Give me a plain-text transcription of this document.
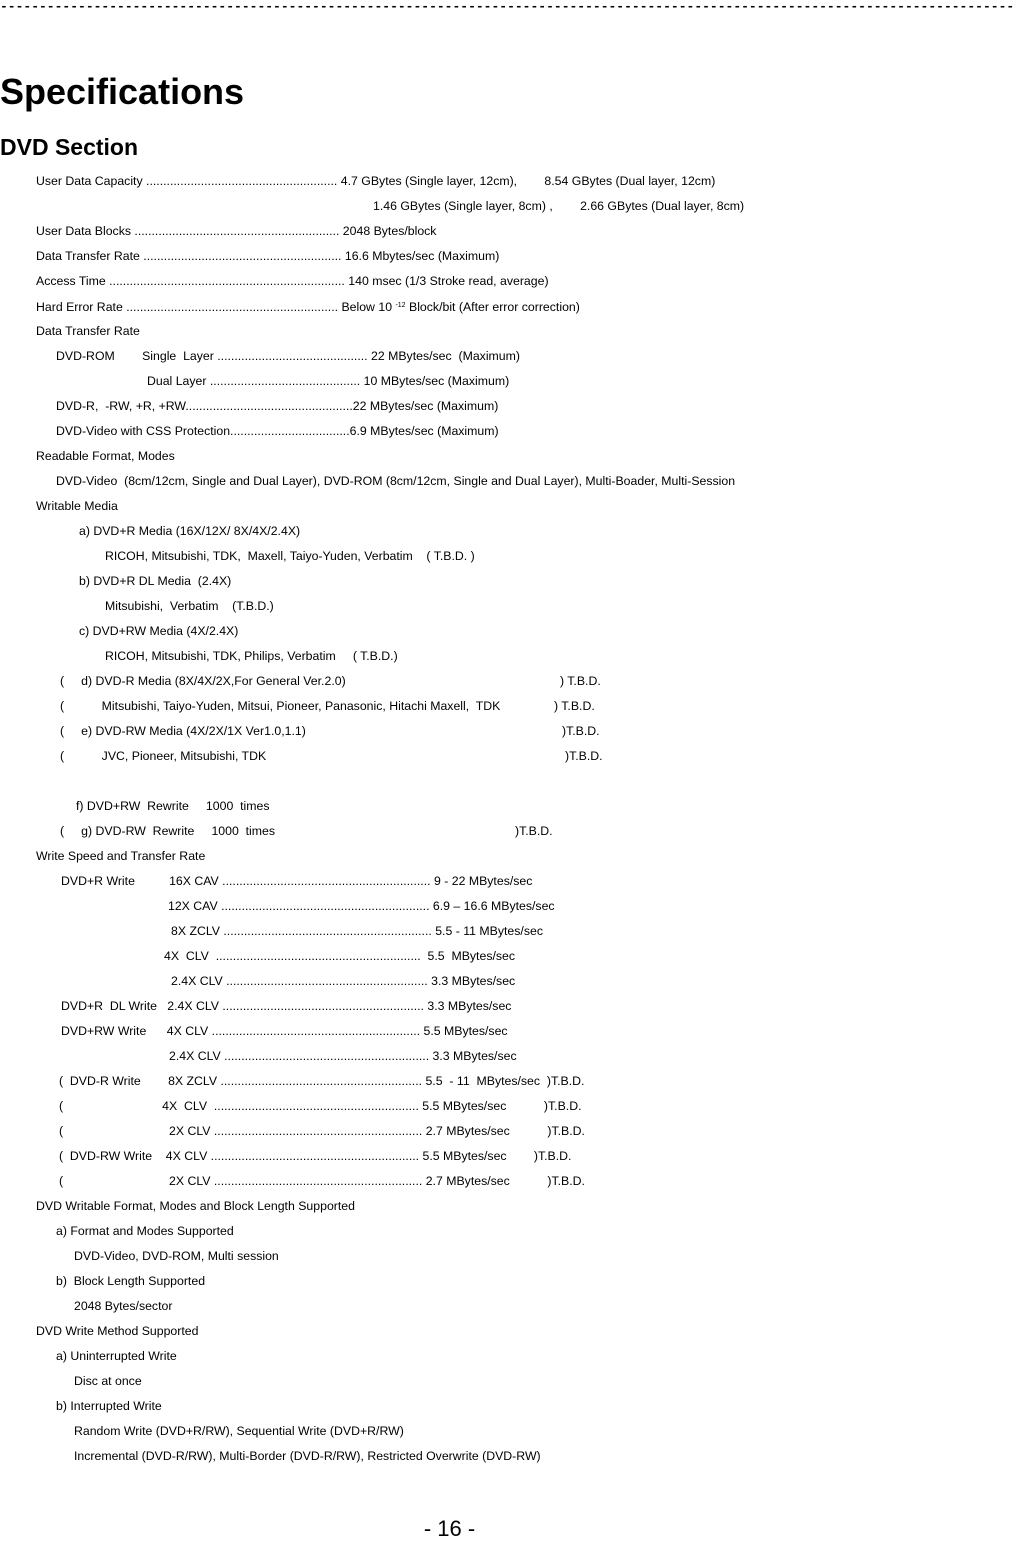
----------------------------------------------------------------------------------------------------------------------------------
Specifications
DVD Section
User Data Capacity ........................................................ 4.7 GBytes (Single layer, 12cm),        8.54 GBytes (Dual layer, 12cm)
1.46 GBytes (Single layer, 8cm) ,        2.66 GBytes (Dual layer, 8cm)
User Data Blocks ............................................................ 2048 Bytes/block
Data Transfer Rate .......................................................... 16.6 Mbytes/sec (Maximum)
Access Time ..................................................................... 140 msec (1/3 Stroke read, average)
Hard Error Rate .............................................................. Below 10 $^{-12}$ Block/bit (After error correction)
Data Transfer Rate
DVD-ROM        Single  Layer ............................................ 22 MBytes/sec  (Maximum)
Dual Layer ............................................ 10 MBytes/sec (Maximum)
DVD-R,  -RW, +R, +RW.................................................22 MBytes/sec (Maximum)
DVD-Video with CSS Protection...................................6.9 MBytes/sec (Maximum)
Readable Format, Modes
DVD-Video  (8cm/12cm, Single and Dual Layer), DVD-ROM (8cm/12cm, Single and Dual Layer), Multi-Boader, Multi-Session
Writable Media
a) DVD+R Media (16X/12X/ 8X/4X/2.4X)
RICOH, Mitsubishi, TDK,  Maxell, Taiyo-Yuden, Verbatim    ( T.B.D. )
b) DVD+R DL Media  (2.4X)
Mitsubishi,  Verbatim    (T.B.D.)
c) DVD+RW Media (4X/2.4X)
RICOH, Mitsubishi, TDK, Philips, Verbatim     ( T.B.D.)
(     d) DVD-R Media (8X/4X/2X,For General Ver.2.0)	) T.B.D.
(           Mitsubishi, Taiyo-Yuden, Mitsui, Pioneer, Panasonic, Hitachi Maxell,  TDK	) T.B.D.
(     e) DVD-RW Media (4X/2X/1X Ver1.0,1.1)	)T.B.D.
(           JVC, Pioneer, Mitsubishi, TDK	)T.B.D.
f) DVD+RW  Rewrite     1000  times
(     g) DVD-RW  Rewrite     1000  times	)T.B.D.
Write Speed and Transfer Rate
DVD+R Write          16X CAV ............................................................. 9 - 22 MBytes/sec
12X CAV ............................................................. 6.9 – 16.6 MBytes/sec
8X ZCLV ............................................................. 5.5 - 11 MBytes/sec
4X  CLV  ............................................................  5.5  MBytes/sec
2.4X CLV ........................................................... 3.3 MBytes/sec
DVD+R  DL Write   2.4X CLV ........................................................... 3.3 MBytes/sec
DVD+RW Write      4X CLV ............................................................. 5.5 MBytes/sec
2.4X CLV ............................................................ 3.3 MBytes/sec
(  DVD-R Write        8X ZCLV ........................................................... 5.5  - 11  MBytes/sec  )T.B.D.
(                             4X  CLV  ............................................................ 5.5 MBytes/sec           )T.B.D.
(                               2X CLV ............................................................. 2.7 MBytes/sec           )T.B.D.
(  DVD-RW Write    4X CLV ............................................................. 5.5 MBytes/sec        )T.B.D.
(                               2X CLV ............................................................. 2.7 MBytes/sec           )T.B.D.
DVD Writable Format, Modes and Block Length Supported
a) Format and Modes Supported
DVD-Video, DVD-ROM, Multi session
b)  Block Length Supported
2048 Bytes/sector
DVD Write Method Supported
a) Uninterrupted Write
Disc at once
b) Interrupted Write
Random Write (DVD+R/RW), Sequential Write (DVD+R/RW)
Incremental (DVD-R/RW), Multi-Border (DVD-R/RW), Restricted Overwrite (DVD-RW)
- 16 -
